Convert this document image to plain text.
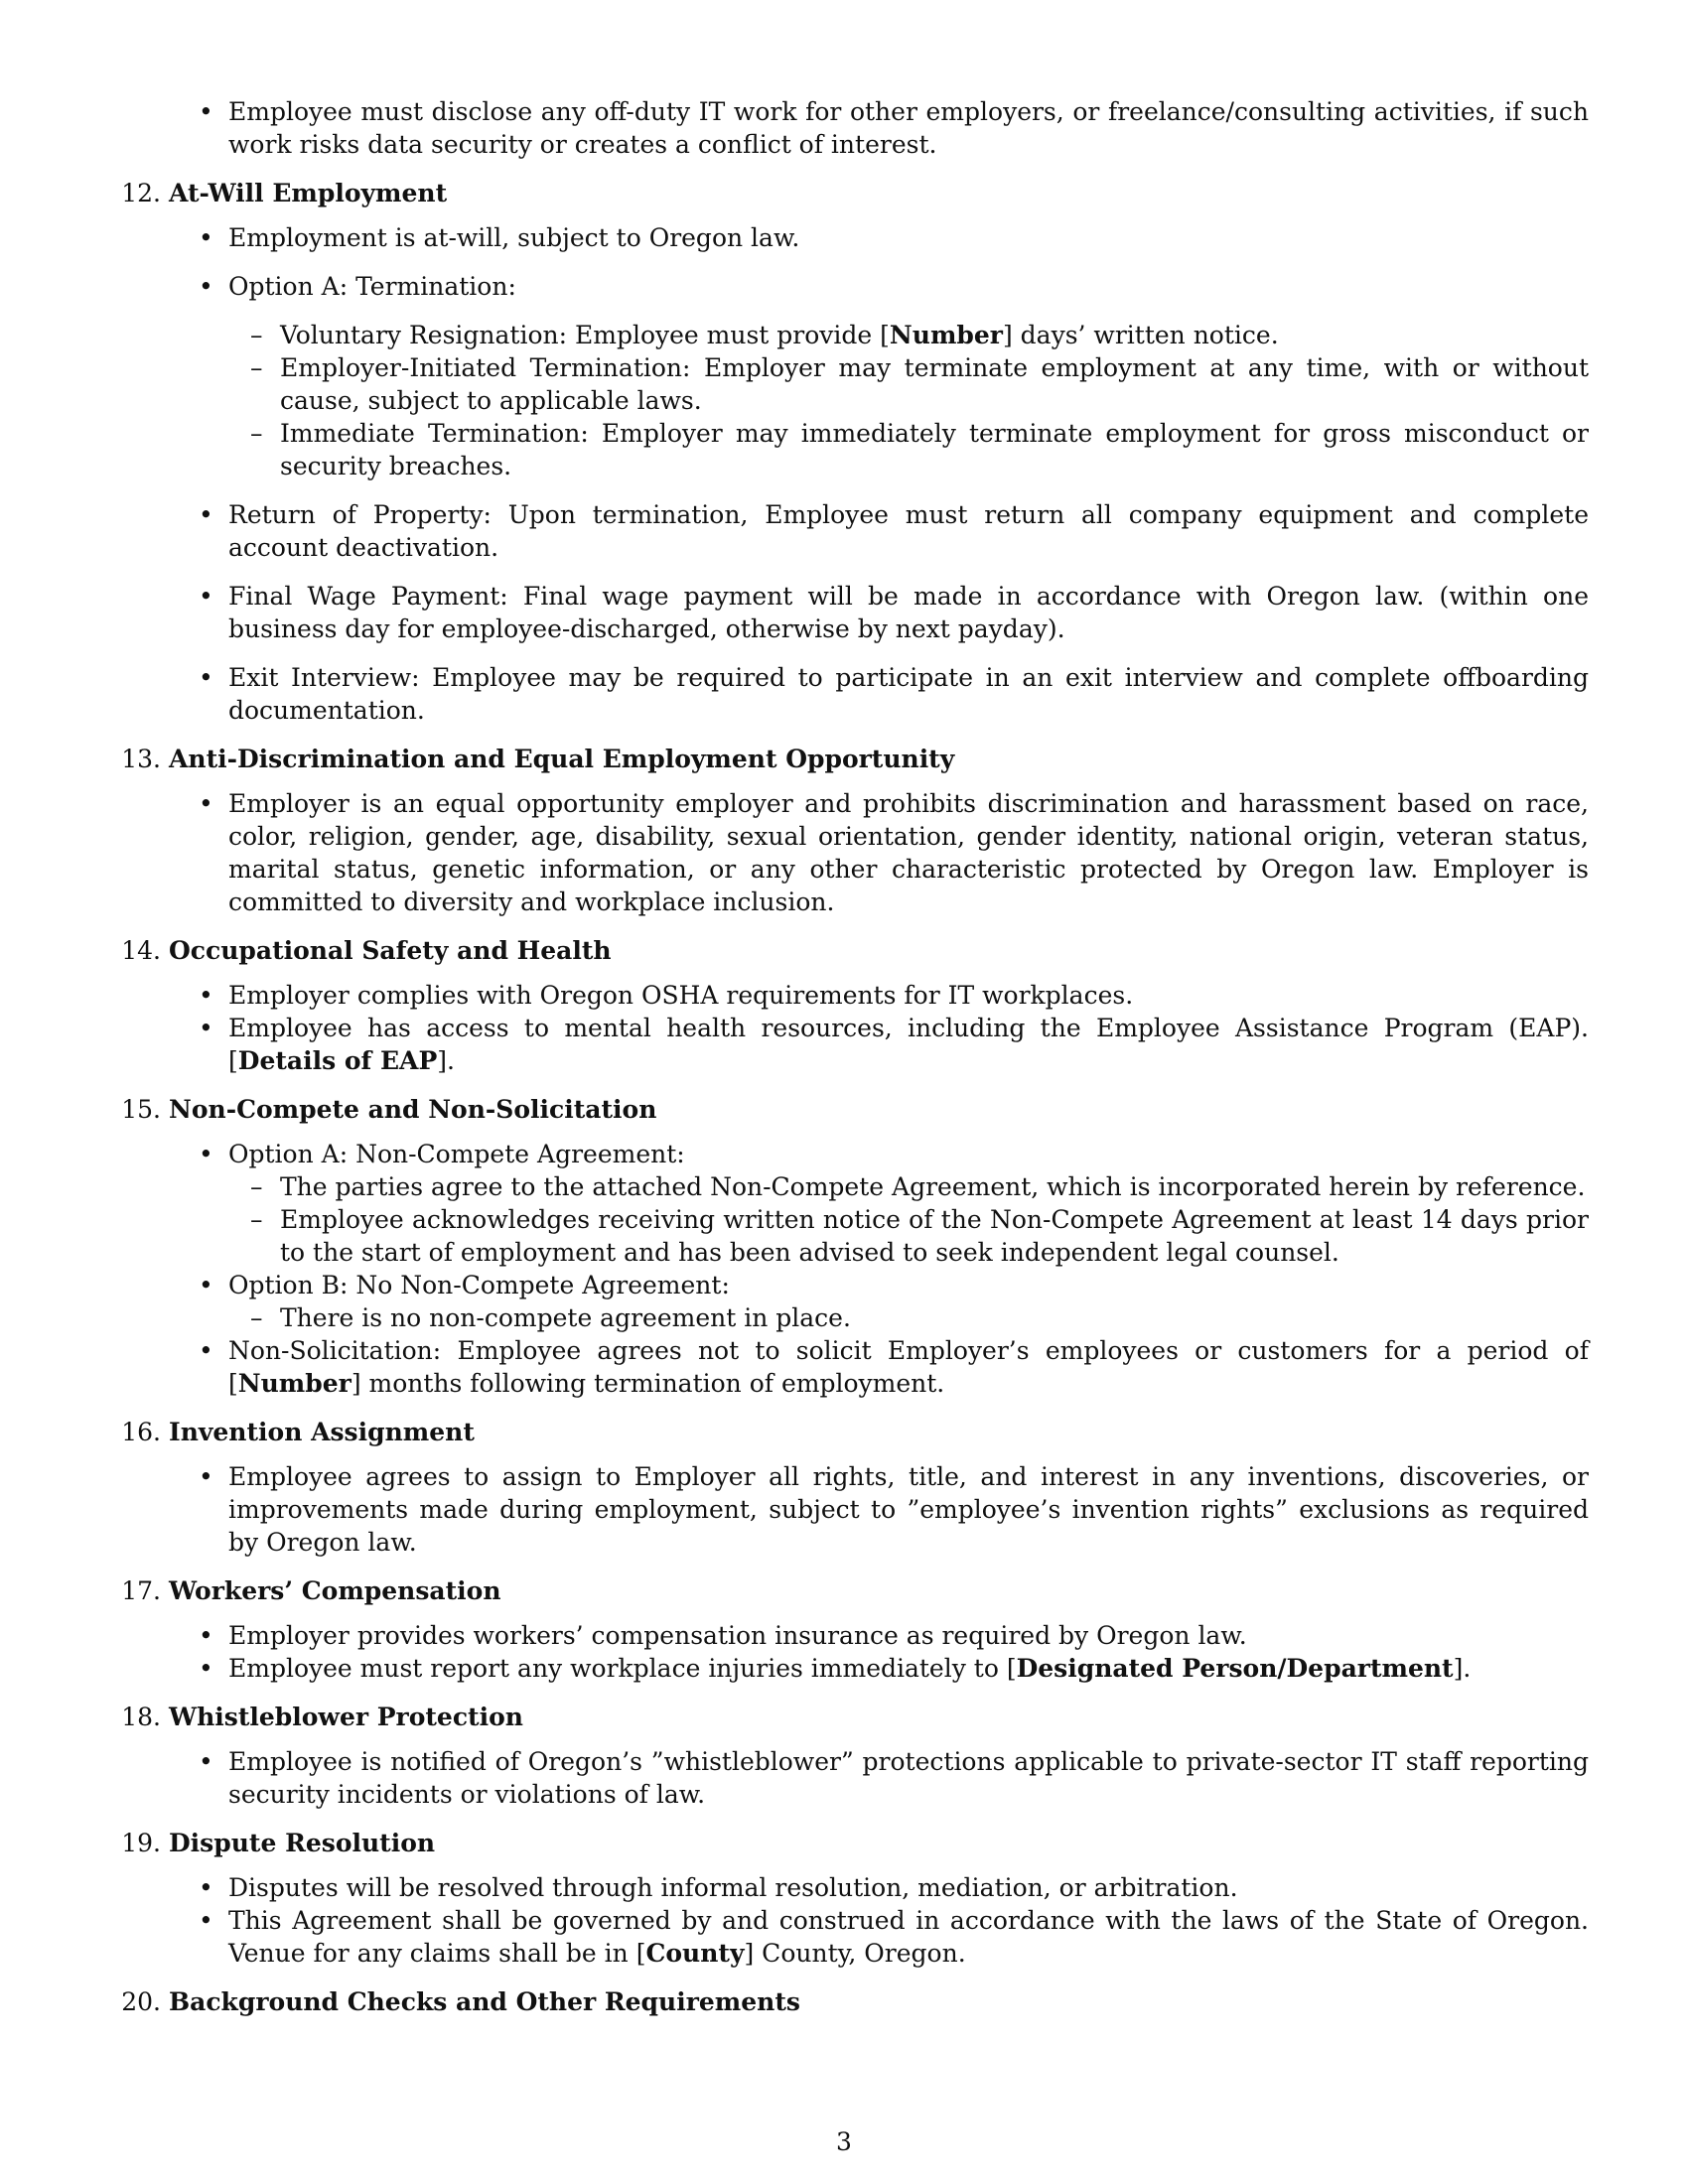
• Employee must disclose any off-duty IT work for other employers, or freelance/consulting activities, if such work risks data security or creates a conflict of interest.
12. At-Will Employment
• Employment is at-will, subject to Oregon law.
• Option A: Termination:
– Voluntary Resignation: Employee must provide [Number] days’ written notice.
– Employer-Initiated Termination: Employer may terminate employment at any time, with or without cause, subject to applicable laws.
– Immediate Termination: Employer may immediately terminate employment for gross misconduct or security breaches.
• Return of Property: Upon termination, Employee must return all company equipment and complete account deactivation.
• Final Wage Payment: Final wage payment will be made in accordance with Oregon law. (within one business day for employee-discharged, otherwise by next payday).
• Exit Interview: Employee may be required to participate in an exit interview and complete offboarding documentation.
13. Anti-Discrimination and Equal Employment Opportunity
• Employer is an equal opportunity employer and prohibits discrimination and harassment based on race, color, religion, gender, age, disability, sexual orientation, gender identity, national origin, veteran status, marital status, genetic information, or any other characteristic protected by Oregon law. Employer is committed to diversity and workplace inclusion.
14. Occupational Safety and Health
• Employer complies with Oregon OSHA requirements for IT workplaces.
• Employee has access to mental health resources, including the Employee Assistance Program (EAP). [Details of EAP].
15. Non-Compete and Non-Solicitation
• Option A: Non-Compete Agreement:
– The parties agree to the attached Non-Compete Agreement, which is incorporated herein by reference.
– Employee acknowledges receiving written notice of the Non-Compete Agreement at least 14 days prior to the start of employment and has been advised to seek independent legal counsel.
• Option B: No Non-Compete Agreement:
– There is no non-compete agreement in place.
• Non-Solicitation: Employee agrees not to solicit Employer’s employees or customers for a period of [Number] months following termination of employment.
16. Invention Assignment
• Employee agrees to assign to Employer all rights, title, and interest in any inventions, discoveries, or improvements made during employment, subject to ”employee’s invention rights” exclusions as required by Oregon law.
17. Workers’ Compensation
• Employer provides workers’ compensation insurance as required by Oregon law.
• Employee must report any workplace injuries immediately to [Designated Person/Department].
18. Whistleblower Protection
• Employee is notified of Oregon’s ”whistleblower” protections applicable to private-sector IT staff reporting security incidents or violations of law.
19. Dispute Resolution
• Disputes will be resolved through informal resolution, mediation, or arbitration.
• This Agreement shall be governed by and construed in accordance with the laws of the State of Oregon. Venue for any claims shall be in [County] County, Oregon.
20. Background Checks and Other Requirements
3
